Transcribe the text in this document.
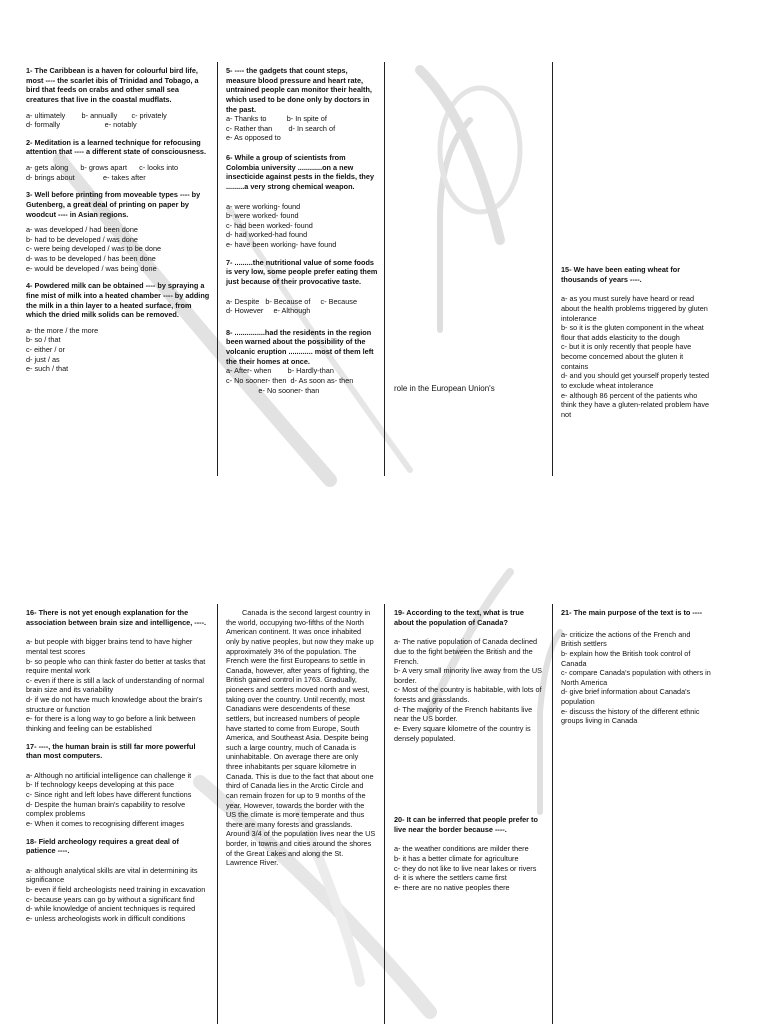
1- The Caribbean is a haven for colourful bird life, most ---- the scarlet ibis of Trinidad and Tobago, a bird that feeds on crabs and other small sea creatures that live in the coastal mudflats.
a- ultimately        b- annually       c- privately
d- formally                      e- notably
2- Meditation is a learned technique for refocusing attention that ---- a different state of consciousness.
a- gets along      b- grows apart      c- looks into
d- brings about              e- takes after
3- Well before printing from moveable types ---- by Gutenberg, a great deal of printing on paper by woodcut ---- in Asian regions.
a- was developed / had been done
b- had to be developed / was done
c- were being developed / was to be done
d- was to be developed / has been done
e- would be developed / was being done
4- Powdered milk can be obtained ---- by spraying a fine mist of milk into a heated chamber ---- by adding the milk in a thin layer to a heated surface, from which the dried milk solids can be removed.
a- the more / the more
b- so / that
c- either / or
d- just / as
e- such / that
5- ---- the gadgets that count steps, measure blood pressure and heart rate, untrained people can monitor their health, which used to be done only by doctors in the past.
a- Thanks to          b- In spite of
c- Rather than        d- In search of
e- As opposed to
6- While a group of scientists from Colombia university ............on a new insecticide against pests in the fields, they .........a very strong chemical weapon.
a- were working- found
b- were worked- found
c- had been worked- found
d- had worked-had found
e- have been working- have found
7- .........the nutritional value of some foods is very low, some people prefer eating them just because of their provocative taste.
a- Despite   b- Because of     c- Because
d- However     e- Although
8- ...............had the residents in the region been warned about the possibility of the volcanic eruption ............ most of them left the their homes at once.
a- After- when        b- Hardly-than
c- No sooner- then  d- As soon as- then
e- No sooner- than	role in the European Union's
15- We have been eating wheat for thousands of years ----.
a- as you must surely have heard or read about the health problems triggered by gluten intolerance
b- so it is the gluten component in the wheat flour that adds elasticity to the dough
c- but it is only recently that people have become concerned about the gluten it contains
d- and you should get yourself properly tested to exclude wheat intolerance
e- although 86 percent of the patients who think they have a gluten-related problem have not
16- There is not yet enough explanation for the association between brain size and intelligence, ----.
a- but people with bigger brains tend to have higher mental test scores
b- so people who can think faster do better at tasks that require mental work
c- even if there is still a lack of understanding of normal brain size and its variability
d- if we do not have much knowledge about the brain's structure or function
e- for there is a long way to go before a link between thinking and feeling can be established
17- ----, the human brain is still far more powerful than most computers.
a- Although no artificial intelligence can challenge it
b- If technology keeps developing at this pace
c- Since right and left lobes have different functions
d- Despite the human brain's capability to resolve complex problems
e- When it comes to recognising different images
18- Field archeology requires a great deal of patience ----.
a- although analytical skills are vital in determining its significance
b- even if field archeologists need training in excavation
c- because years can go by without a significant find
d- while knowledge of ancient techniques is required
e- unless archeologists work in difficult conditions
Canada is the second largest country in the world, occupying two-fifths of the North American continent. It was once inhabited only by native peoples, but now they make up approximately 3% of the population. The French were the first Europeans to settle in Canada, however, after years of fighting, the British gained control in 1763. Gradually, pioneers and settlers moved north and west, taking over the country. Until recently, most Canadians were descendents of these settlers, but increased numbers of people have started to come from Europe, South America, and Southeast Asia. Despite being such a large country, much of Canada is uninhabitable. On average there are only three inhabitants per square kilometre in Canada. This is due to the fact that about one third of Canada lies in the Arctic Circle and can remain frozen for up to 9 months of the year. However, towards the border with the US the climate is more temperate and thus there are many forests and grasslands. Around 3/4 of the population lives near the US border, in towns and cities around the shores of the Great Lakes and along the St. Lawrence River.
19- According to the text, what is true about the population of Canada?
a- The native population of Canada declined due to the fight between the British and the French.
b- A very small minority live away from the US border.
c- Most of the country is habitable, with lots of forests and grasslands.
d- The majority of the French habitants live near the US border.
e- Every square kilometre of the country is densely populated.
20- It can be inferred that people prefer to live near the border because ----.
a- the weather conditions are milder there
b- it has a better climate for agriculture
c- they do not like to live near lakes or rivers
d- it is where the settlers came first
e- there are no native peoples there
21- The main purpose of the text is to ----
a- criticize the actions of the French and British settlers
b- explain how the British took control of Canada
c- compare Canada's population with others in North America
d- give brief information about Canada's population
e- discuss the history of the different ethnic groups living in Canada
